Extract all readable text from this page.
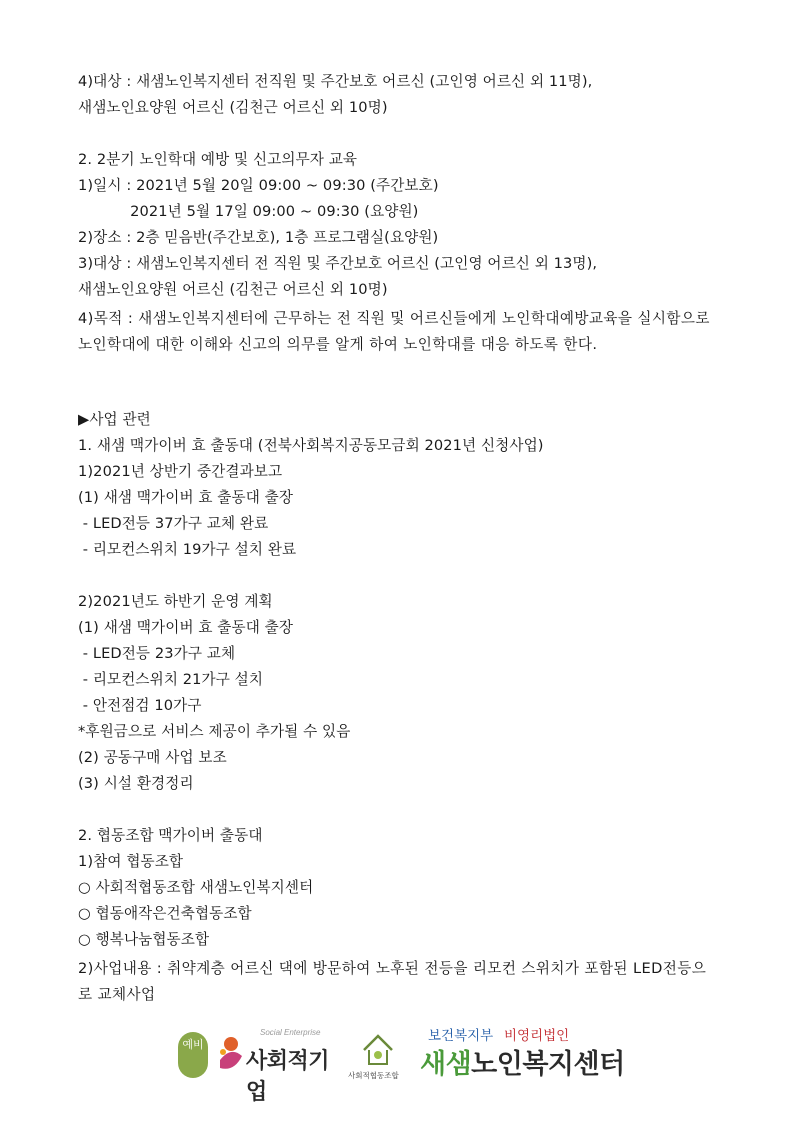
4)대상 : 새샘노인복지센터 전직원 및 주간보호 어르신 (고인영 어르신 외 11명),
새샘노인요양원 어르신 (김천근 어르신 외 10명)
2. 2분기 노인학대 예방 및 신고의무자 교육
1)일시 : 2021년 5월 20일 09:00 ~ 09:30 (주간보호)
2021년 5월 17일 09:00 ~ 09:30 (요양원)
2)장소 : 2층 믿음반(주간보호), 1층 프로그램실(요양원)
3)대상 : 새샘노인복지센터 전 직원 및 주간보호 어르신 (고인영 어르신 외 13명),
새샘노인요양원 어르신 (김천근 어르신 외 10명)
4)목적 : 새샘노인복지센터에 근무하는 전 직원 및 어르신들에게 노인학대예방교육을 실시함으로 노인학대에 대한 이해와 신고의 의무를 알게 하여 노인학대를 대응 하도록 한다.
▶사업 관련
1. 새샘 맥가이버 효 출동대 (전북사회복지공동모금회 2021년 신청사업)
1)2021년 상반기 중간결과보고
(1) 새샘 맥가이버 효 출동대 출장
- LED전등 37가구 교체 완료
- 리모컨스위치 19가구 설치 완료
2)2021년도 하반기 운영 계획
(1) 새샘 맥가이버 효 출동대 출장
- LED전등 23가구 교체
- 리모컨스위치 21가구 설치
- 안전점검 10가구
*후원금으로 서비스 제공이 추가될 수 있음
(2) 공동구매 사업 보조
(3) 시설 환경정리
2. 협동조합 맥가이버 출동대
1)참여 협동조합
○ 사회적협동조합 새샘노인복지센터
○ 협동애작은건축협동조합
○ 행복나눔협동조합
2)사업내용 : 취약계층 어르신 댁에 방문하여 노후된 전등을 리모컨 스위치가 포함된 LED전등으로 교체사업
예비
Social Enterprise
사회적기업
사회적협동조합
보건복지부 비영리법인
새샘노인복지센터
